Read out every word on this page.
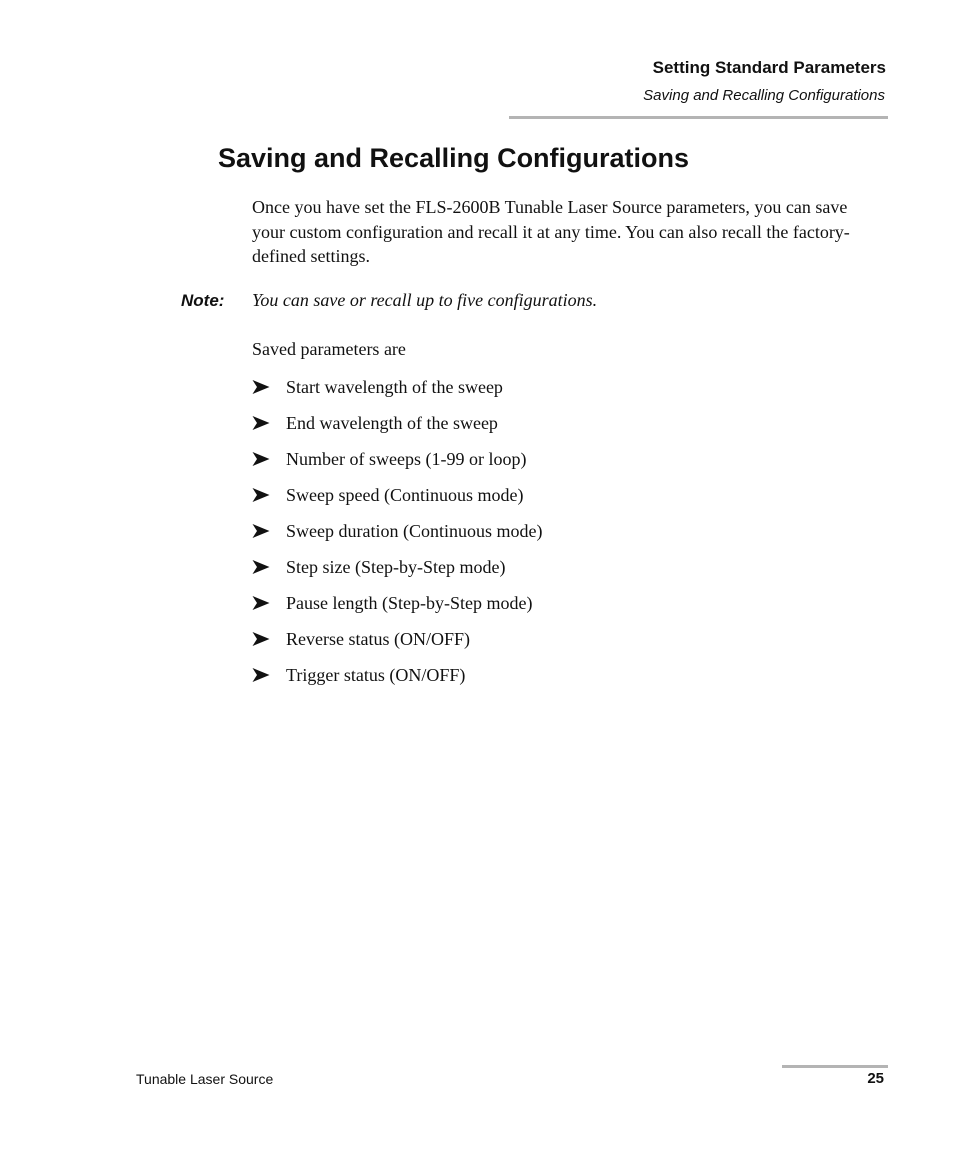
Setting Standard Parameters
Saving and Recalling Configurations
Saving and Recalling Configurations

Once you have set the FLS-2600B Tunable Laser Source parameters, you can save your custom configuration and recall it at any time. You can also recall the factory-defined settings.

Note: You can save or recall up to five configurations.

Saved parameters are

Start wavelength of the sweep
End wavelength of the sweep
Number of sweeps (1-99 or loop)
Sweep speed (Continuous mode)
Sweep duration (Continuous mode)
Step size (Step-by-Step mode)
Pause length (Step-by-Step mode)
Reverse status (ON/OFF)
Trigger status (ON/OFF)
Tunable Laser Source	25
